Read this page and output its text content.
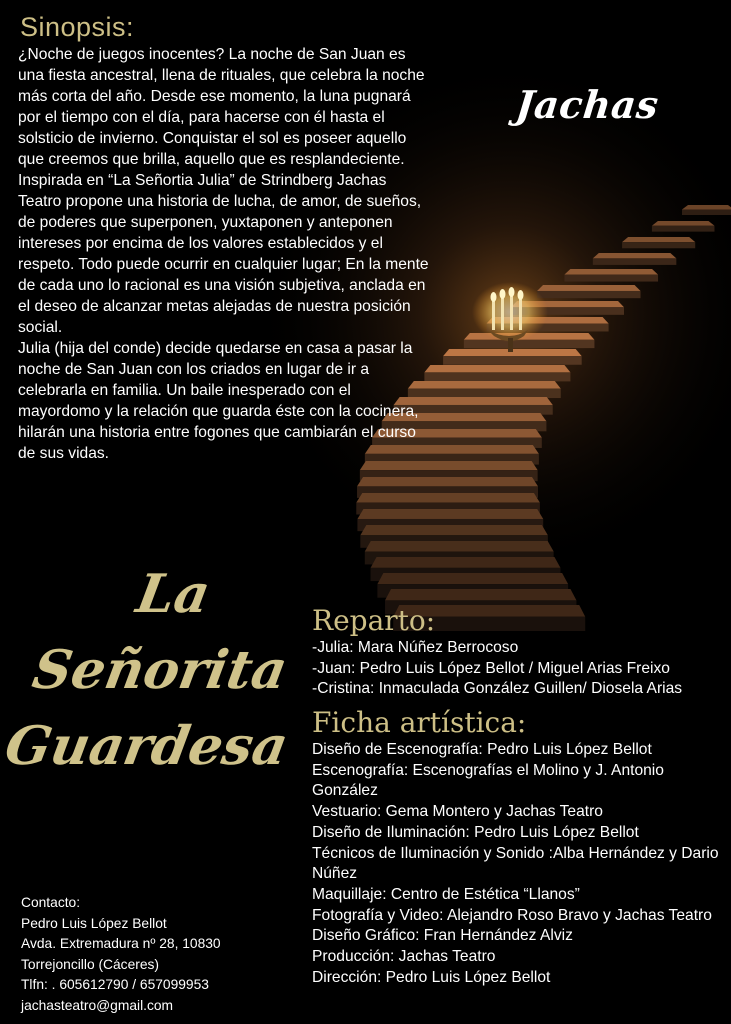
Sinopsis:

¿Noche de juegos inocentes? La noche de San Juan es una fiesta ancestral, llena de rituales, que celebra la noche más corta del año. Desde ese momento, la luna pugnará por el tiempo con el día, para hacerse con él hasta el solsticio de invierno. Conquistar el sol es poseer aquello que creemos que brilla, aquello que es resplandeciente.

Inspirada en “La Señortia Julia” de Strindberg Jachas Teatro propone una historia de lucha, de amor, de sueños, de poderes que superponen, yuxtaponen y anteponen intereses por encima de los valores establecidos y el respeto. Todo puede ocurrir en cualquier lugar; En la mente de cada uno lo racional es una visión subjetiva, anclada en el deseo de alcanzar metas alejadas de nuestra posición social.

Julia (hija del conde) decide quedarse en casa a pasar la noche de San Juan con los criados en lugar de ir a celebrarla en familia. Un baile inesperado con el mayordomo y la relación que guarda éste con la cocinera, hilarán una historia entre fogones que cambiarán el curso de sus vidas.

Jachas
La Señorita
Guardesa
Reparto:
-Julia: Mara Núñez Berrocoso
-Juan: Pedro Luis López Bellot / Miguel Arias Freixo
-Cristina: Inmaculada González Guillen/ Diosela Arias
Ficha artística:
Diseño de Escenografía: Pedro Luis López Bellot
Escenografía: Escenografías el Molino y J. Antonio González
Vestuario: Gema Montero y Jachas Teatro
Diseño de Iluminación: Pedro Luis López Bellot
Técnicos de Iluminación y Sonido :Alba Hernández y Dario Núñez
Maquillaje: Centro de Estética “Llanos”
Fotografía y Video: Alejandro Roso Bravo y Jachas Teatro
Diseño Gráfico: Fran Hernández Alviz
Producción: Jachas Teatro
Dirección: Pedro Luis López Bellot
Contacto:
Pedro Luis López Bellot
Avda. Extremadura nº 28, 10830
Torrejoncillo (Cáceres)
Tlfn: . 605612790 / 657099953
jachasteatro@gmail.com
